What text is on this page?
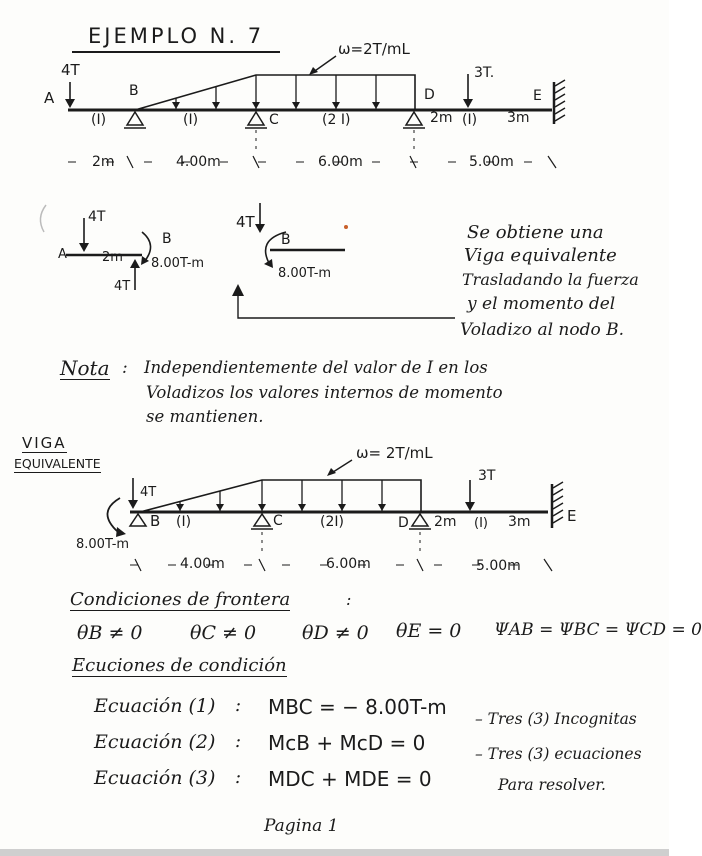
EJEMPLO N. 7
ω=2T/mL
4T	3T.
A	B
C
D	E
(I)	(I)	(2 I)	2m (I) 3m
2m	4.00m	6.00m	5.00m
4T
A
B
2m 8.00T-m
4T
4T
B
8.00T-m
Se obtiene una
Viga equivalente
Trasladando la fuerza
y el momento del
Voladizo al nodo B.
Nota : Independientemente del valor de I en los
Voladizos los valores internos de momento
se mantienen.
VIGA
EQUIVALENTE
ω= 2T/mL
4T
3T
8.00T-m
B	C	D	E
(I)	(2I)	2m (I) 3m
4.00m	6.00m	5.00m
Condiciones de frontera	:
θB ≠ 0	θC ≠ 0 θD ≠ 0 θE = 0 ΨAB = ΨBC = ΨCD = 0
Ecuciones de condición
Ecuación (1) : MBC = − 8.00T-m
Ecuación (2) : McB + McD = 0
Ecuación (3) : MDC + MDE = 0
– Tres (3) Incognitas
– Tres (3) ecuaciones
Para resolver.
Pagina 1
